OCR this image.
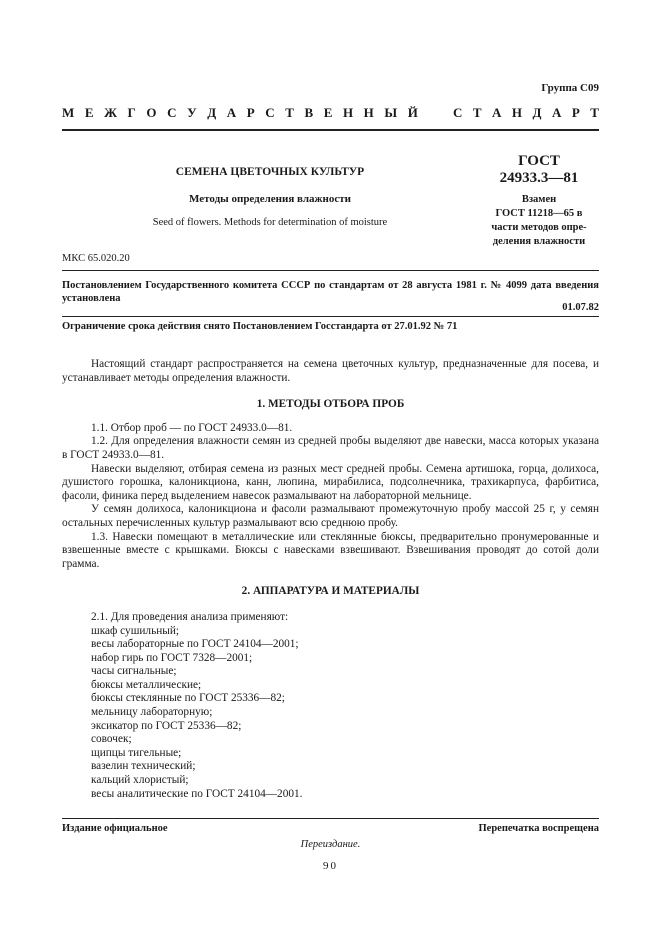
Группа С09
М Е Ж Г О С У Д А Р С Т В Е Н Н Ы Й	С Т А Н Д А Р Т
СЕМЕНА ЦВЕТОЧНЫХ КУЛЬТУР
Методы определения влажности
Seed of flowers. Methods for determination of moisture
ГОСТ
24933.3—81
Взамен
ГОСТ 11218—65 в
части методов опре-
деления влажности
МКС 65.020.20
Постановлением Государственного комитета СССР по стандартам от 28 августа 1981 г. № 4099 дата введения установлена
01.07.82
Ограничение срока действия снято Постановлением Госстандарта от 27.01.92 № 71

Настоящий стандарт распространяется на семена цветочных культур, предназначенные для посева, и устанавливает методы определения влажности.

1. МЕТОДЫ ОТБОРА ПРОБ

1.1. Отбор проб — по ГОСТ 24933.0—81.

1.2. Для определения влажности семян из средней пробы выделяют две навески, масса которых указана в ГОСТ 24933.0—81.

Навески выделяют, отбирая семена из разных мест средней пробы. Семена артишока, горца, долихоса, душистого горошка, калоникциона, канн, люпина, мирабилиса, подсолнечника, трахикарпуса, фарбитиса, фасоли, финика перед выделением навесок размалывают на лабораторной мельнице.

У семян долихоса, калоникциона и фасоли размалывают промежуточную пробу массой 25 г, у семян остальных перечисленных культур размалывают всю среднюю пробу.

1.3. Навески помещают в металлические или стеклянные бюксы, предварительно пронумерованные и взвешенные вместе с крышками. Бюксы с навесками взвешивают. Взвешивания проводят до сотой доли грамма.

2. АППАРАТУРА И МАТЕРИАЛЫ

2.1. Для проведения анализа применяют:

шкаф сушильный;
весы лабораторные по ГОСТ 24104—2001;
набор гирь по ГОСТ 7328—2001;
часы сигнальные;
бюксы металлические;
бюксы стеклянные по ГОСТ 25336—82;
мельницу лабораторную;
эксикатор по ГОСТ 25336—82;
совочек;
щипцы тигельные;
вазелин технический;
кальций хлористый;
весы аналитические по ГОСТ 24104—2001.
Издание официальное	Перепечатка воспрещена
Переиздание.
90
